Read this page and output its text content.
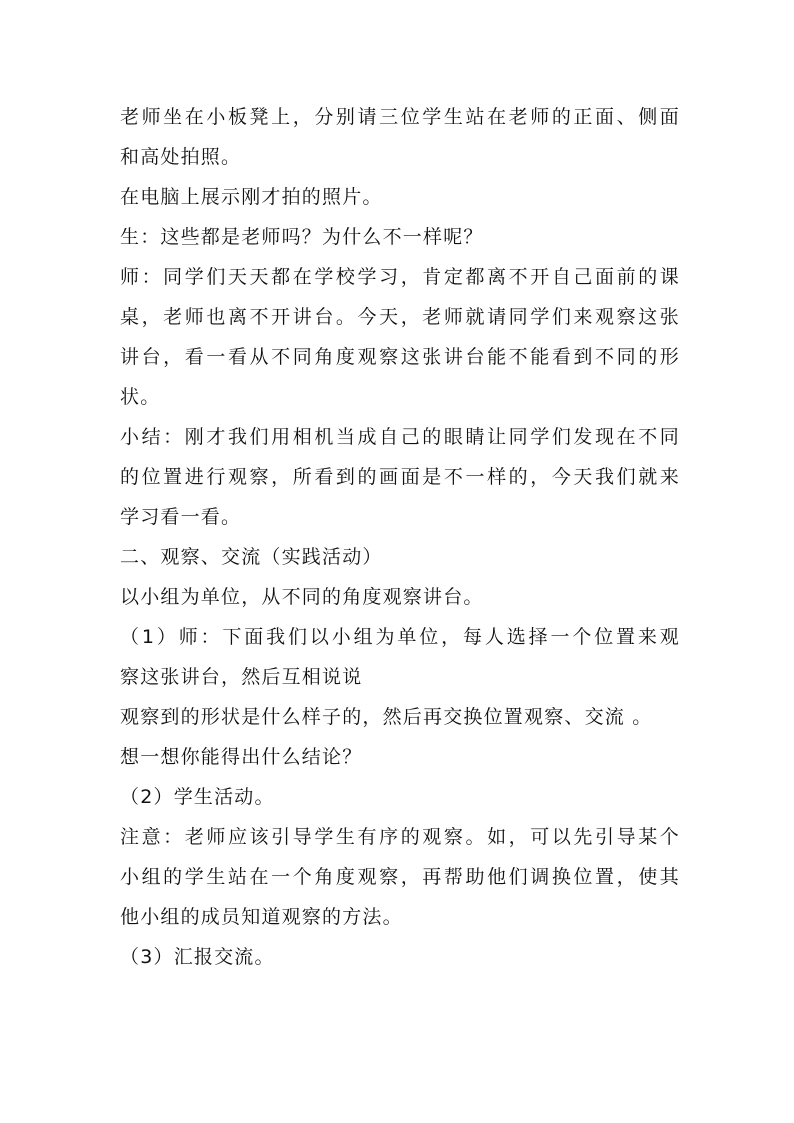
老师坐在小板凳上，分别请三位学生站在老师的正面、侧面
和高处拍照。
在电脑上展示刚才拍的照片。
生：这些都是老师吗？为什么不一样呢？
师：同学们天天都在学校学习，肯定都离不开自己面前的课
桌，老师也离不开讲台。今天，老师就请同学们来观察这张
讲台，看一看从不同角度观察这张讲台能不能看到不同的形
状。
小结：刚才我们用相机当成自己的眼睛让同学们发现在不同
的位置进行观察，所看到的画面是不一样的，今天我们就来
学习看一看。
二、观察、交流（实践活动）
以小组为单位，从不同的角度观察讲台。
（1）师：下面我们以小组为单位，每人选择一个位置来观
察这张讲台，然后互相说说
观察到的形状是什么样子的，然后再交换位置观察、交流 。
想一想你能得出什么结论？
（2）学生活动。
注意：老师应该引导学生有序的观察。如，可以先引导某个
小组的学生站在一个角度观察，再帮助他们调换位置，使其
他小组的成员知道观察的方法。
（3）汇报交流。
